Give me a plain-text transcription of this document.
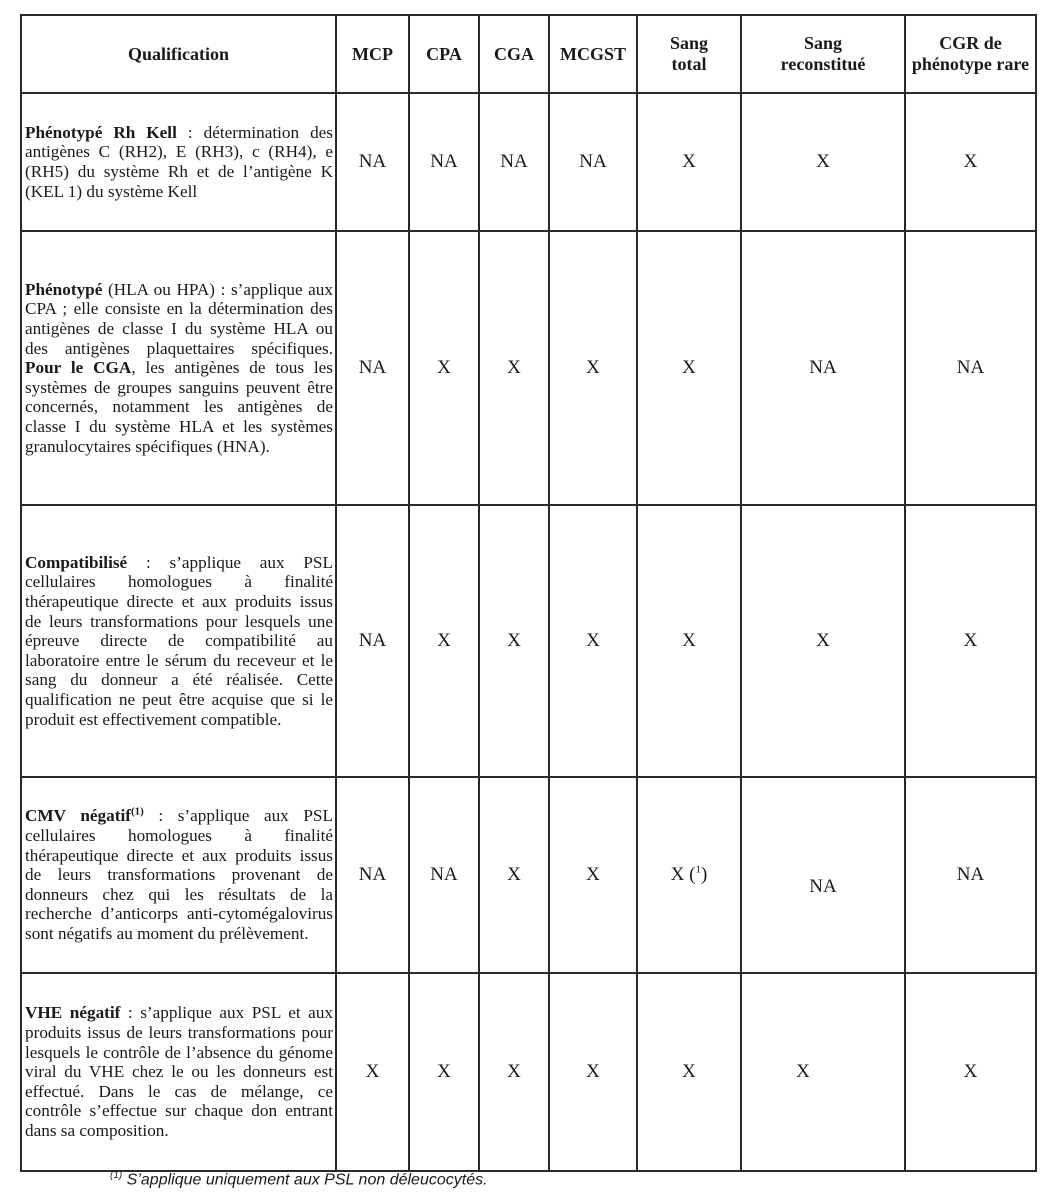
Qualification	MCP	CPA	CGA	MCGST	Sang total	Sang reconstitué	CGR de phénotype rare
Phénotypé Rh Kell : détermination des antigènes C (RH2), E (RH3), c (RH4), e (RH5) du système Rh et de l’antigène K (KEL 1) du système Kell	NA	NA	NA	NA	X	X	X
Phénotypé (HLA ou HPA) : s’applique aux CPA ; elle consiste en la détermination des antigènes de classe I du système HLA ou des antigènes plaquettaires spécifiques. Pour le CGA, les antigènes de tous les systèmes de groupes sanguins peuvent être concernés, notamment les antigènes de classe I du système HLA et les systèmes granulocytaires spécifiques (HNA).	NA	X	X	X	X	NA	NA
Compatibilisé : s’applique aux PSL cellulaires homologues à finalité thérapeutique directe et aux produits issus de leurs transformations pour lesquels une épreuve directe de compatibilité au laboratoire entre le sérum du receveur et le sang du donneur a été réalisée. Cette qualification ne peut être acquise que si le produit est effectivement compatible.	NA	X	X	X	X	X	X
CMV négatif$^{(1)}$ : s’applique aux PSL cellulaires homologues à finalité thérapeutique directe et aux produits issus de leurs transformations provenant de donneurs chez qui les résultats de la recherche d’anticorps anti-cytomégalovirus sont négatifs au moment du prélèvement.	NA	NA	X	X	X ($^1$)	NA	NA
VHE négatif : s’applique aux PSL et aux produits issus de leurs transformations pour lesquels le contrôle de l’absence du génome viral du VHE chez le ou les donneurs est effectué. Dans le cas de mélange, ce contrôle s’effectue sur chaque don entrant dans sa composition.	X	X	X	X	X	X	X
$^{(1)}$ S’applique uniquement aux PSL non déleucocytés.
